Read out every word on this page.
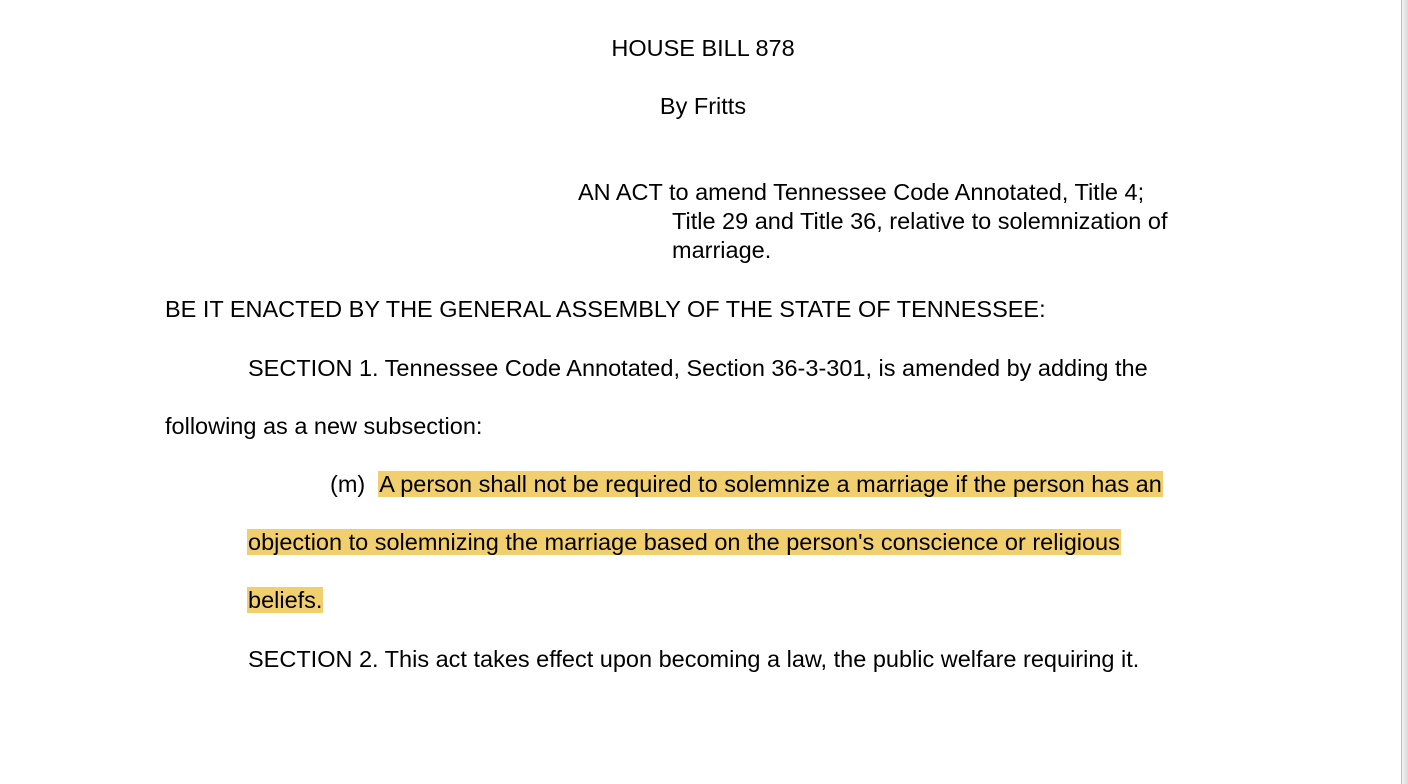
HOUSE BILL 878
By Fritts
AN ACT to amend Tennessee Code Annotated, Title 4;
Title 29 and Title 36, relative to solemnization of
marriage.
BE IT ENACTED BY THE GENERAL ASSEMBLY OF THE STATE OF TENNESSEE:
SECTION 1. Tennessee Code Annotated, Section 36-3-301, is amended by adding the
following as a new subsection:
(m) A person shall not be required to solemnize a marriage if the person has an
objection to solemnizing the marriage based on the person's conscience or religious
beliefs.
SECTION 2. This act takes effect upon becoming a law, the public welfare requiring it.
